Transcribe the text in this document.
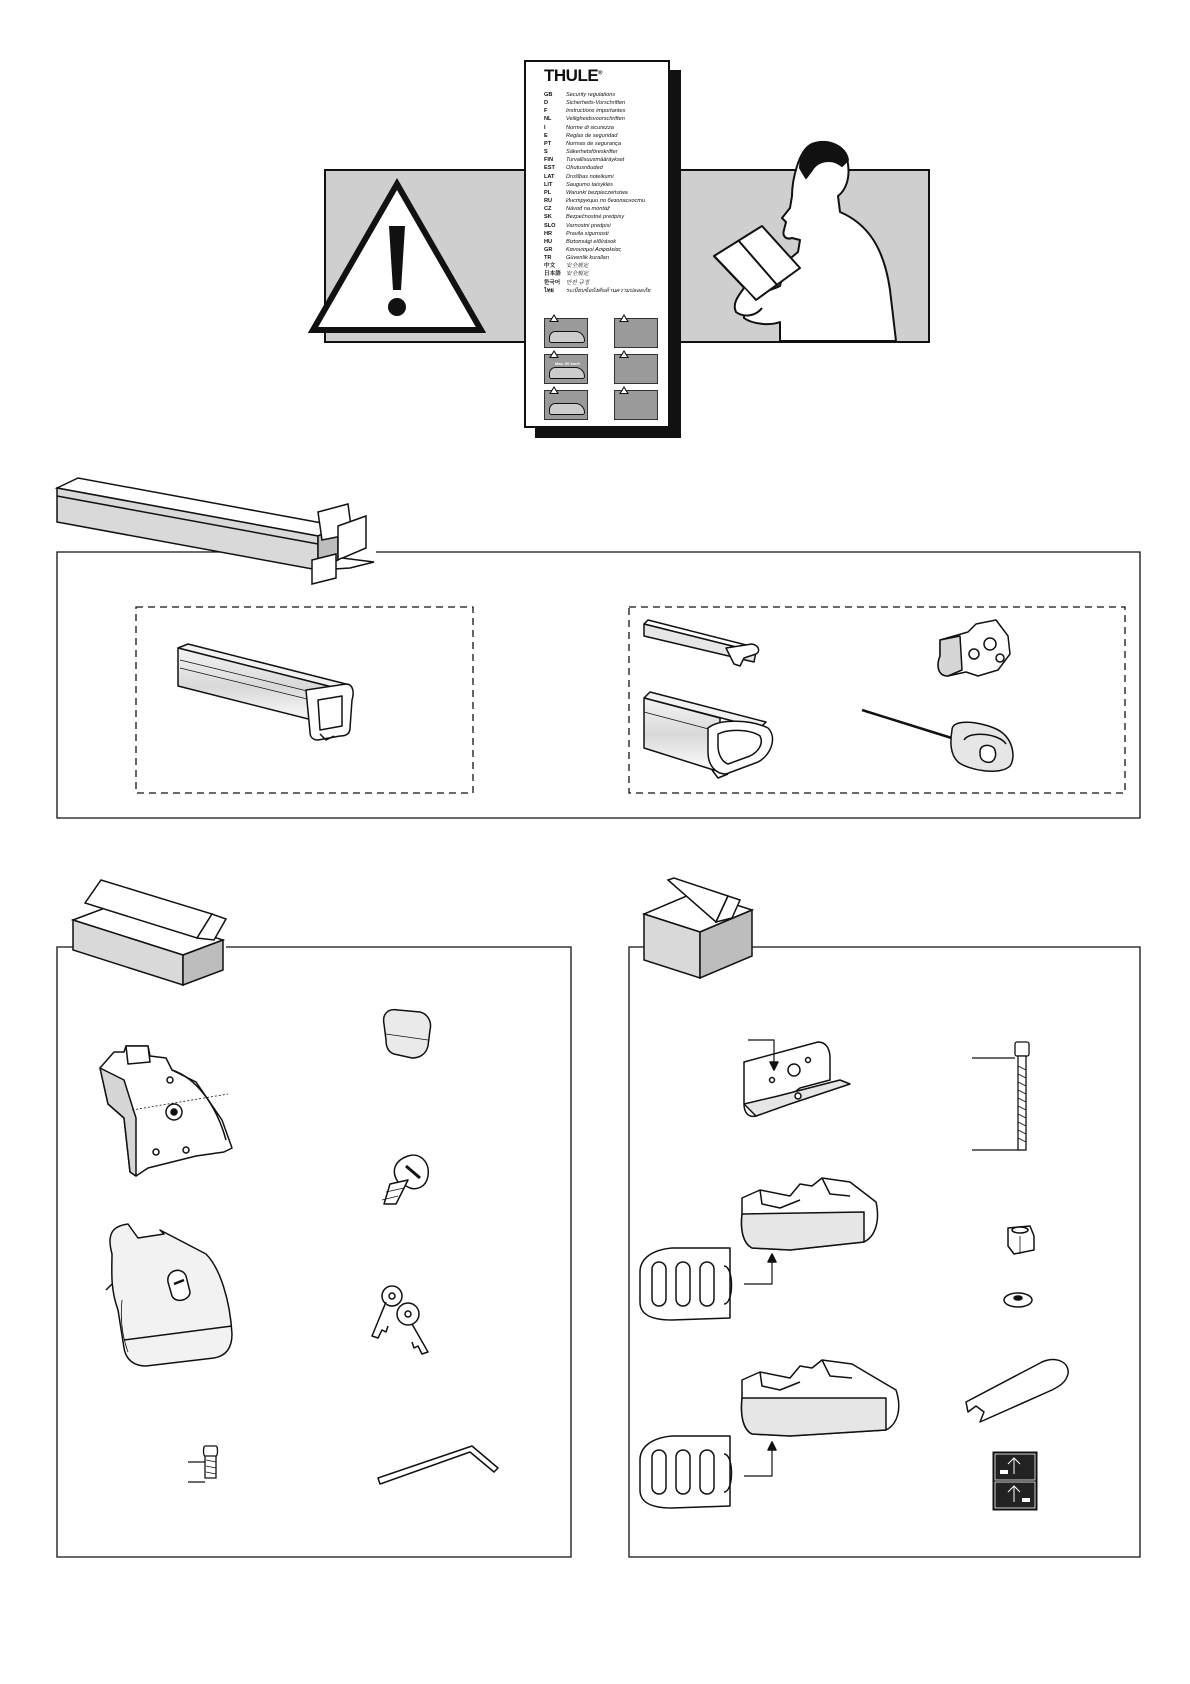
THULE®
GB	Security regulations
D	Sicherheits-Vorschriften
F	Instructions importantes
NL	Veiligheidsvoorschriften
I	Norme di sicurezza
E	Reglas de seguridad
PT	Normas de segurança
S	Säkerhetsföreskrifter
FIN	Turvallisuusmääräykset
EST	Ohutusnõuded
LAT	Drošības noteikumi
LIT	Saugumo taisyklės
PL	Warunki bezpieczeństwa
RU	Инструкции по безопасности
CZ	Návod na montáž
SK	Bezpečnostné predpisy
SLO	Varnostni predpisi
HR	Pravila sigurnosti
HU	Biztonsági előírások
GR	Κανονισμοί Ασφαλείας
TR	Güvenlik kuralları
中文	安全规定
日本語 安全規定
한국어	안전 규정
ไทย	ระเบียบข้อบังคับด้านความปลอดภัย
Max. 90 km/h
